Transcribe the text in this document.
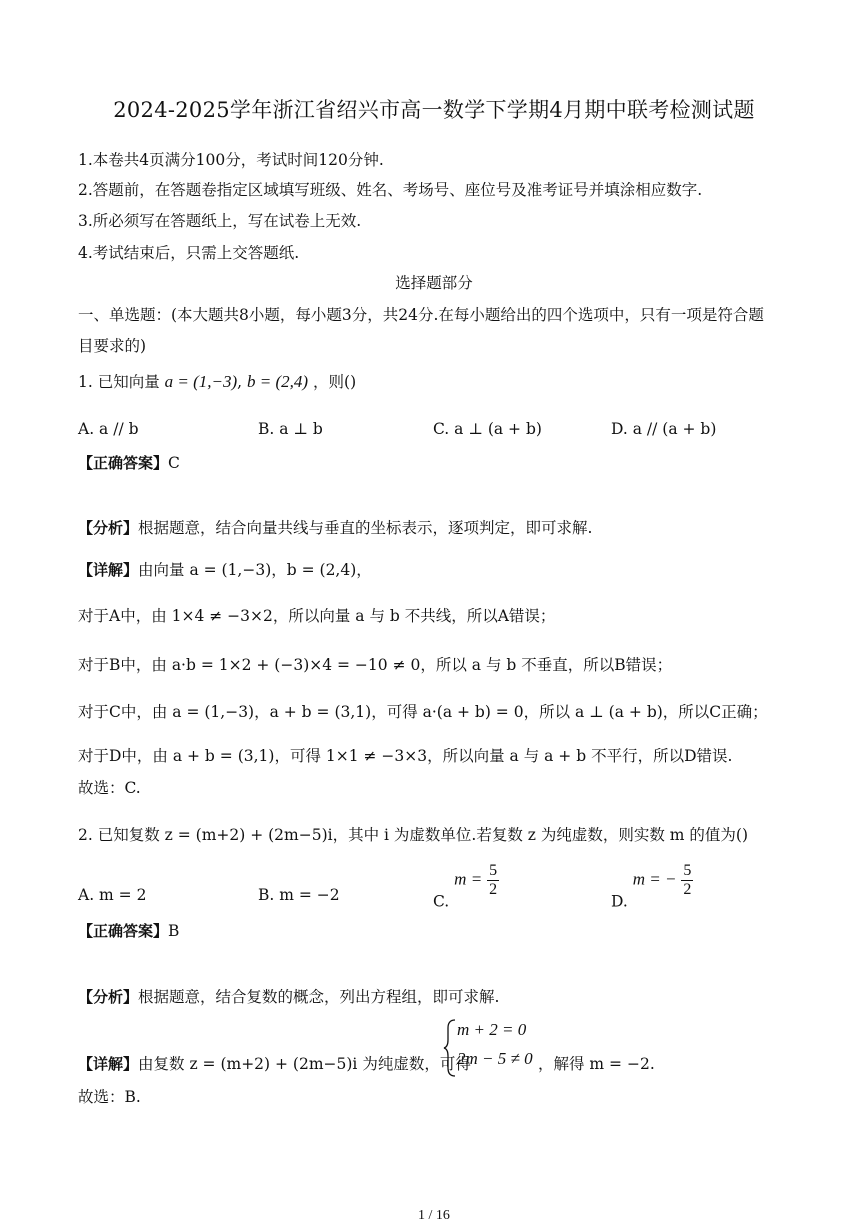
2024-2025学年浙江省绍兴市高一数学下学期4月期中联考检测试题
1.本卷共4页满分100分，考试时间120分钟.
2.答题前，在答题卷指定区域填写班级、姓名、考场号、座位号及准考证号并填涂相应数字.
3.所必须写在答题纸上，写在试卷上无效.
4.考试结束后，只需上交答题纸.
选择题部分
一、单选题：(本大题共8小题，每小题3分，共24分.在每小题给出的四个选项中，只有一项是符合题
目要求的)
1. 已知向量 a = (1,−3), b = (2,4) ，则()
A. a // b	B. a ⊥ b	C. a ⊥ (a + b)	D. a // (a + b)
【正确答案】C
【分析】根据题意，结合向量共线与垂直的坐标表示，逐项判定，即可求解.
【详解】由向量 a = (1,−3)，b = (2,4)，
对于A中，由 1×4 ≠ −3×2，所以向量 a 与 b 不共线，所以A错误；
对于B中，由 a·b = 1×2 + (−3)×4 = −10 ≠ 0，所以 a 与 b 不垂直，所以B错误；
对于C中，由 a = (1,−3)，a + b = (3,1)，可得 a·(a + b) = 0，所以 a ⊥ (a + b)，所以C正确；
对于D中，由 a + b = (3,1)，可得 1×1 ≠ −3×3，所以向量 a 与 a + b 不平行，所以D错误.
故选：C.
2. 已知复数 z = (m+2) + (2m−5)i，其中 i 为虚数单位.若复数 z 为纯虚数，则实数 m 的值为()
A. m = 2	B. m = −2	C. $m = \frac{5}{2}$
D. m = − $\frac{5}{2}$
【正确答案】B
【分析】根据题意，结合复数的概念，列出方程组，即可求解.
【详解】由复数 z = (m+2) + (2m−5)i 为纯虚数，可得
m + 2 = 0
2m − 5 ≠ 0 ，解得 m = −2.
故选：B.
1 / 16
